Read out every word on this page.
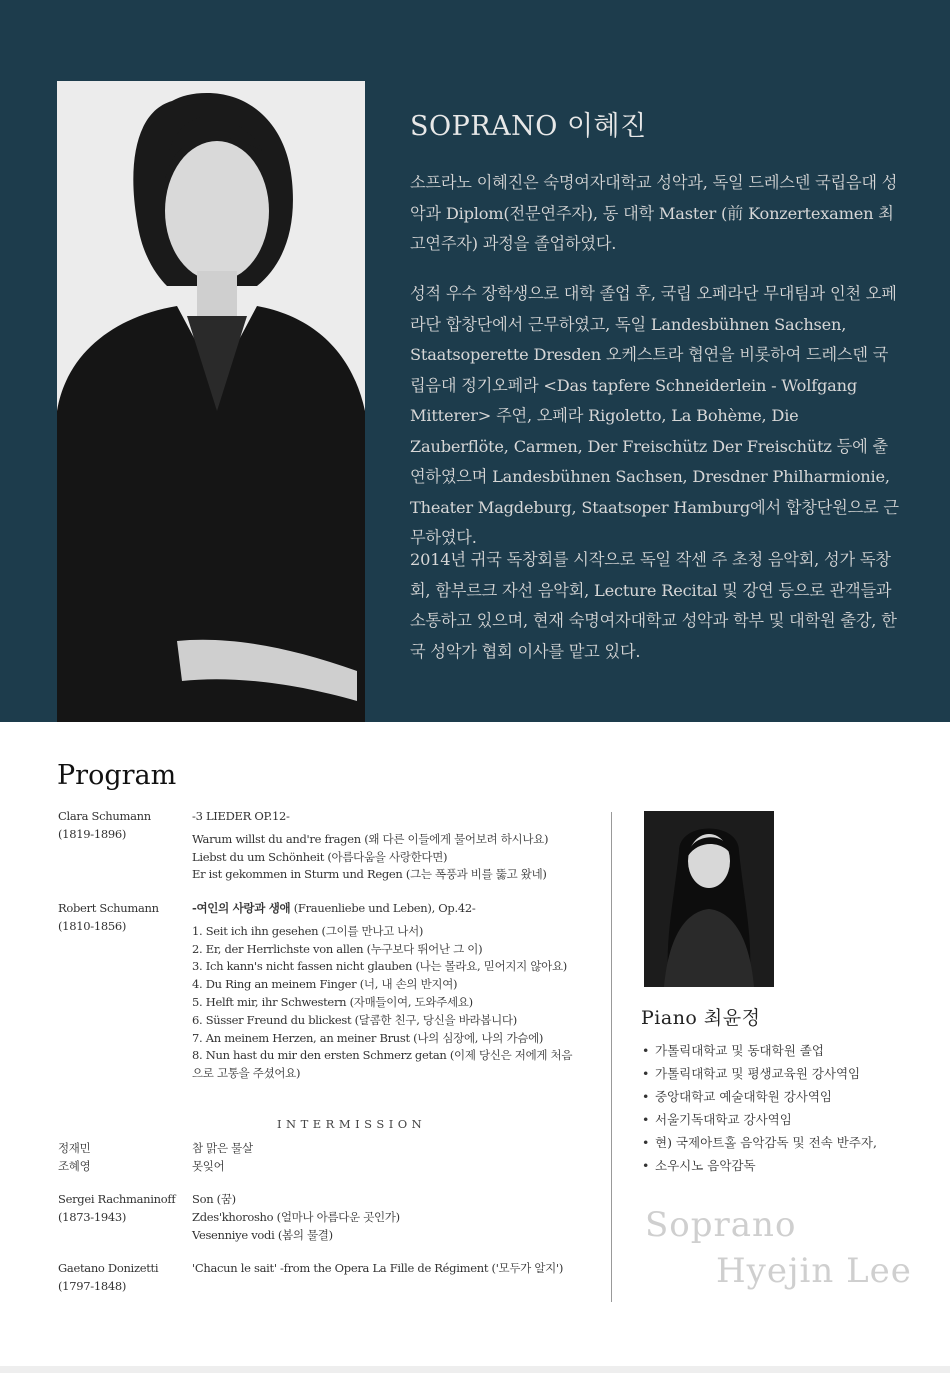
SOPRANO 이혜진

소프라노 이혜진은 숙명여자대학교 성악과, 독일 드레스덴 국립음대 성악과 Diplom(전문연주자), 동 대학 Master (前 Konzertexamen 최고연주자) 과정을 졸업하였다.

성적 우수 장학생으로 대학 졸업 후, 국립 오페라단 무대팀과 인천 오페라단 합창단에서 근무하였고, 독일 Landesbühnen Sachsen, Staatsoperette Dresden 오케스트라 협연을 비롯하여 드레스덴 국립음대 정기오페라 <Das tapfere Schneiderlein - Wolfgang Mitterer> 주연, 오페라 Rigoletto, La Bohème, Die Zauberflöte, Carmen, Der Freischütz Der Freischütz 등에 출연하였으며 Landesbühnen Sachsen, Dresdner Philharmionie, Theater Magdeburg, Staatsoper Hamburg에서 합창단원으로 근무하였다.

2014년 귀국 독창회를 시작으로 독일 작센 주 초청 음악회, 성가 독창회, 함부르크 자선 음악회, Lecture Recital 및 강연 등으로 관객들과 소통하고 있으며, 현재 숙명여자대학교 성악과 학부 및 대학원 출강, 한국 성악가 협회 이사를 맡고 있다.

Program
Clara Schumann
(1819-1896)
-3 LIEDER OP.12-
Warum willst du and're fragen (왜 다른 이들에게 물어보려 하시나요)
Liebst du um Schönheit (아름다움을 사랑한다면)
Er ist gekommen in Sturm und Regen (그는 폭풍과 비를 뚫고 왔네)
Robert Schumann
(1810-1856)
-여인의 사랑과 생애 (Frauenliebe und Leben), Op.42-
1. Seit ich ihn gesehen (그이를 만나고 나서)
2. Er, der Herrlichste von allen (누구보다 뛰어난 그 이)
3. Ich kann's nicht fassen nicht glauben (나는 몰라요, 믿어지지 않아요)
4. Du Ring an meinem Finger (너, 내 손의 반지여)
5. Helft mir, ihr Schwestern (자매들이여, 도와주세요)
6. Süsser Freund du blickest (달콤한 친구, 당신을 바라봅니다)
7. An meinem Herzen, an meiner Brust (나의 심장에, 나의 가슴에)
8. Nun hast du mir den ersten Schmerz getan (이제 당신은 저에게 처음
으로 고통을 주셨어요)
INTERMISSION
정재민
조혜영
참 맑은 물살
못잊어
Sergei Rachmaninoff
(1873-1943)
Son (꿈)
Zdes'khorosho (얼마나 아름다운 곳인가)
Vesenniye vodi (봄의 물결)
Gaetano Donizetti
(1797-1848)
'Chacun le sait' -from the Opera La Fille de Régiment ('모두가 알지')
Piano 최윤정
• 가톨릭대학교 및 동대학원 졸업
• 가톨릭대학교 및 평생교육원 강사역임
• 중앙대학교 예술대학원 강사역임
• 서울기독대학교 강사역임
• 현) 국제아트홀 음악감독 및 전속 반주자,
• 소우시노 음악감독
Soprano
Hyejin Lee
